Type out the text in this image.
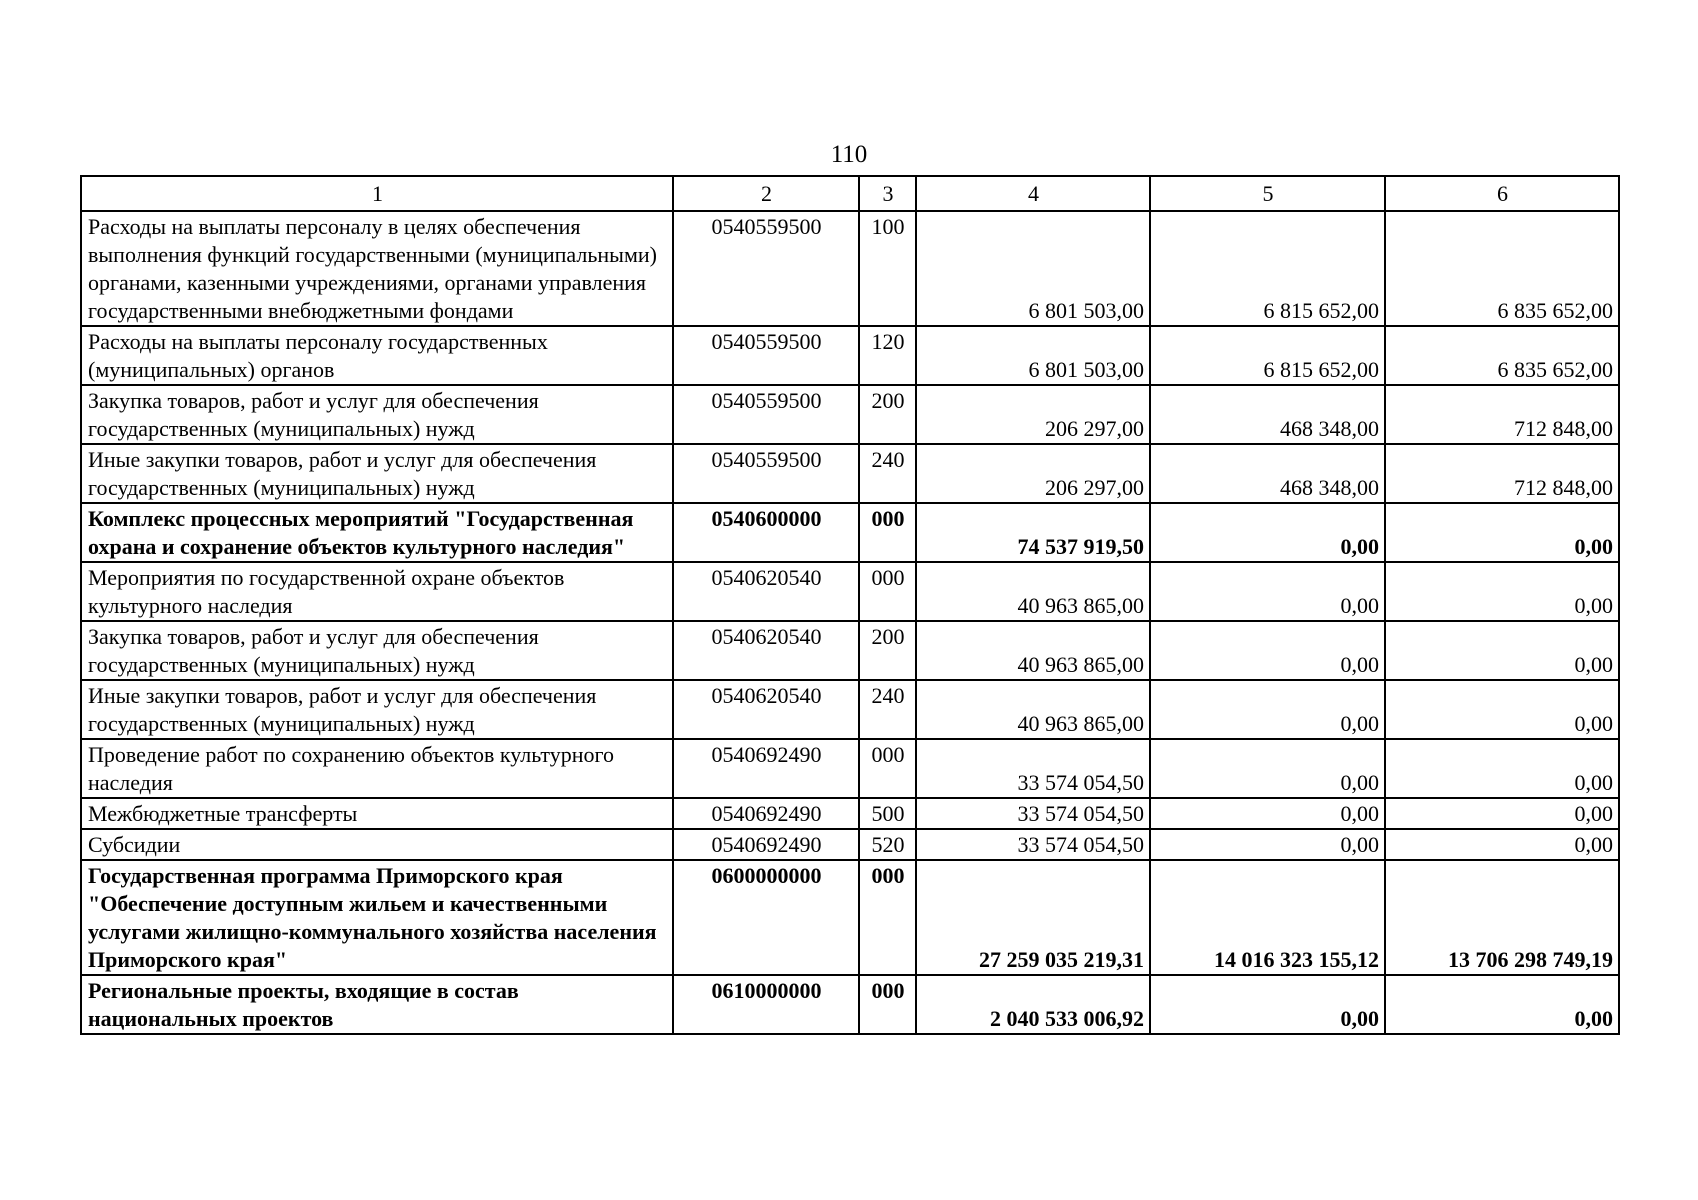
110
1	2	3	4	5	6
Расходы на выплаты персоналу в целях обеспечения выполнения функций государственными (муниципальными) органами, казенными учреждениями, органами управления государственными внебюджетными фондами	0540559500	100	6 801 503,00	6 815 652,00	6 835 652,00
Расходы на выплаты персоналу государственных (муниципальных) органов	0540559500	120	6 801 503,00	6 815 652,00	6 835 652,00
Закупка товаров, работ и услуг для обеспечения государственных (муниципальных) нужд	0540559500	200	206 297,00	468 348,00	712 848,00
Иные закупки товаров, работ и услуг для обеспечения государственных (муниципальных) нужд	0540559500	240	206 297,00	468 348,00	712 848,00
Комплекс процессных мероприятий "Государственная охрана и сохранение объектов культурного наследия"	0540600000	000	74 537 919,50	0,00	0,00
Мероприятия по государственной охране объектов культурного наследия	0540620540	000	40 963 865,00	0,00	0,00
Закупка товаров, работ и услуг для обеспечения государственных (муниципальных) нужд	0540620540	200	40 963 865,00	0,00	0,00
Иные закупки товаров, работ и услуг для обеспечения государственных (муниципальных) нужд	0540620540	240	40 963 865,00	0,00	0,00
Проведение работ по сохранению объектов культурного наследия	0540692490	000	33 574 054,50	0,00	0,00
Межбюджетные трансферты	0540692490	500	33 574 054,50	0,00	0,00
Субсидии	0540692490	520	33 574 054,50	0,00	0,00
Государственная программа Приморского края "Обеспечение доступным жильем и качественными услугами жилищно-коммунального хозяйства населения Приморского края"	0600000000	000	27 259 035 219,31	14 016 323 155,12	13 706 298 749,19
Региональные проекты, входящие в состав национальных проектов	0610000000	000	2 040 533 006,92	0,00	0,00
